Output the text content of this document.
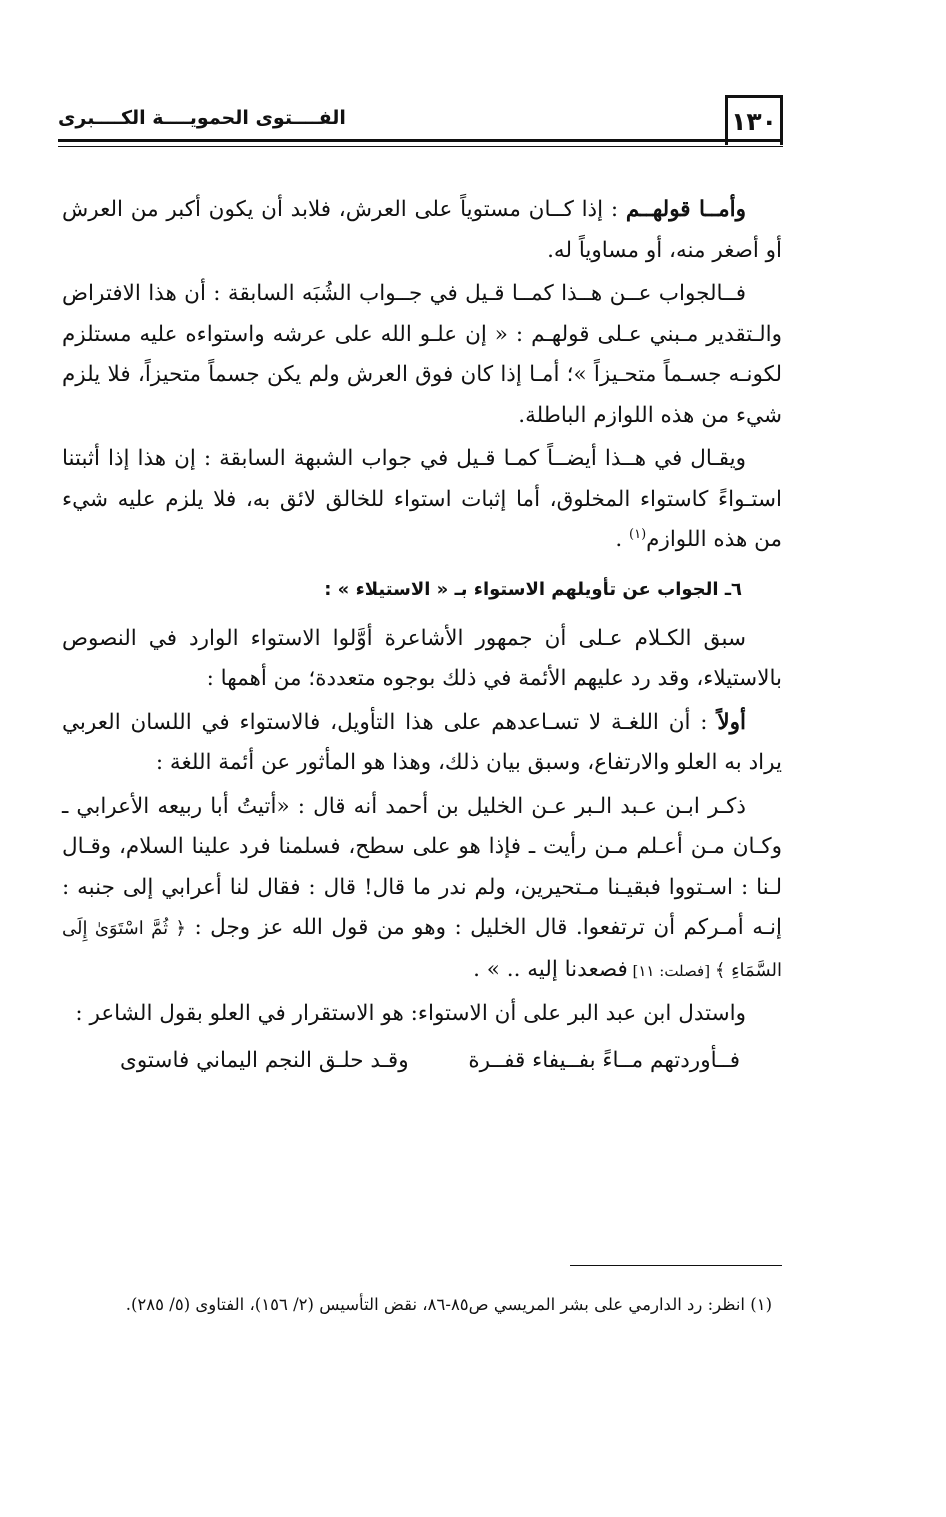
١٣٠
الفــــتوى الحمويــــة الكــــبرى

وأمــا قولهــم : إذا كــان مستوياً على العرش، فلابد أن يكون أكبر من العرش أو أصغر منه، أو مساوياً له.

فــالجواب عــن هــذا كمــا قـيل في جــواب الشُبَه السابقة : أن هذا الافتراض والـتقدير مـبني عـلى قولهـم : « إن علـو الله على عرشه واستواءه عليه مستلزم لكونـه جسـماً متحـيزاً »؛ أمـا إذا كان فوق العرش ولم يكن جسماً متحيزاً، فلا يلزم شيء من هذه اللوازم الباطلة.

ويقـال في هــذا أيضــاً كمـا قـيل في جواب الشبهة السابقة : إن هذا إذا أثبتنا استـواءً كاستواء المخلوق، أما إثبات استواء للخالق لائق به، فلا يلزم عليه شيء من هذه اللوازم$^{(١)}$ .

٦ـ الجواب عن تأويلهم الاستواء بـ « الاستيلاء » :

سبق الكـلام عـلى أن جمهور الأشاعرة أوَّلوا الاستواء الوارد في النصوص بالاستيلاء، وقد رد عليهم الأئمة في ذلك بوجوه متعددة؛ من أهمها :

أولاً : أن اللغـة لا تسـاعدهم على هذا التأويل، فالاستواء في اللسان العربي يراد به العلو والارتفاع، وسبق بيان ذلك، وهذا هو المأثور عن أئمة اللغة :

ذكـر ابـن عـبد الـبر عـن الخليل بن أحمد أنه قال : «أتيتُ أبا ربيعه الأعرابي ـ وكـان مـن أعـلم مـن رأيت ـ فإذا هو على سطح، فسلمنا فرد علينا السلام، وقـال لـنا : اسـتووا فبقيـنا مـتحيرين، ولم ندر ما قال! قال : فقال لنا أعرابي إلى جنبه : إنـه أمـركم أن ترتفعوا. قال الخليل : وهو من قول الله عز وجل : ﴿ ثُمَّ اسْتَوَىٰ إِلَى السَّمَاءِ ﴾ [فصلت: ١١] فصعدنا إليه .. » .

واستدل ابن عبد البر على أن الاستواء: هو الاستقرار في العلو بقول الشاعر :

فــأوردتهم مــاءً بفــيفاء قفــرة
وقـد حلـق النجم اليماني فاستوى
(١) انظر: رد الدارمي على بشر المريسي ص٨٥-٨٦، نقض التأسيس (٢/ ١٥٦)، الفتاوى (٥/ ٢٨٥).
